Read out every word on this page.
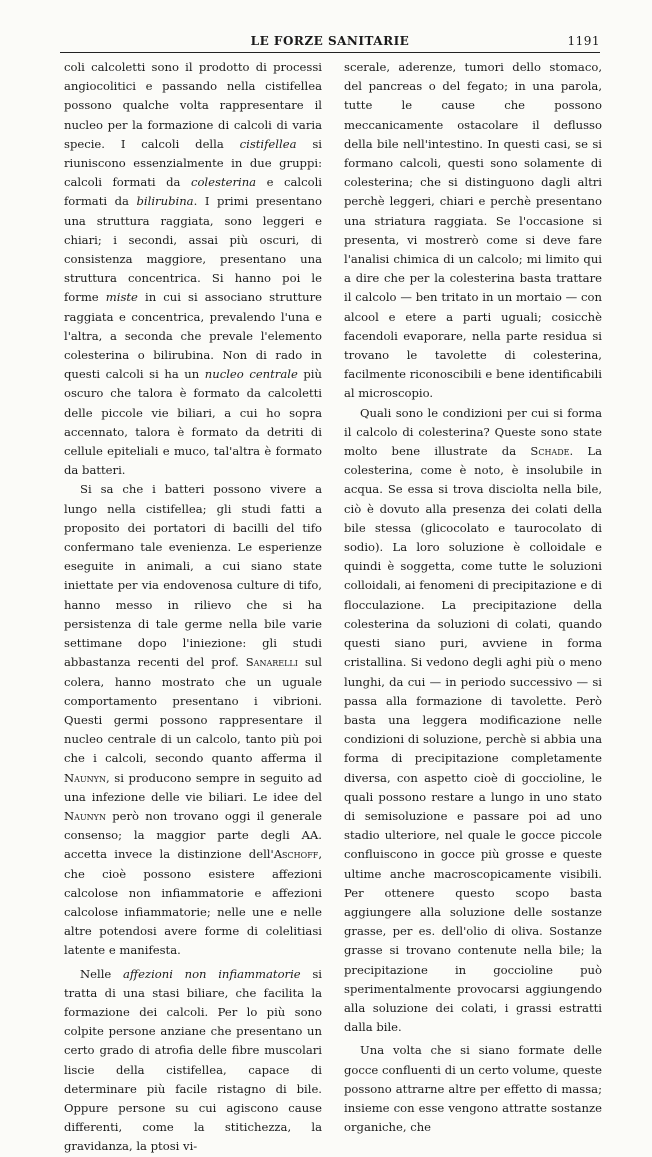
LE FORZE SANITARIE	1191

coli calcoletti sono il prodotto di processi angiocolitici e passando nella cistifellea possono qualche volta rappresentare il nucleo per la formazione di calcoli di varia specie. I calcoli della cistifellea si riuniscono essenzialmente in due gruppi: calcoli formati da colesterina e calcoli formati da bilirubina. I primi presentano una struttura raggiata, sono leggeri e chiari; i secondi, assai più oscuri, di consistenza maggiore, presentano una struttura concentrica. Si hanno poi le forme miste in cui si associano strutture raggiata e concentrica, prevalendo l'una e l'altra, a seconda che prevale l'elemento colesterina o bilirubina. Non di rado in questi calcoli si ha un nucleo centrale più oscuro che talora è formato da calcoletti delle piccole vie biliari, a cui ho sopra accennato, talora è formato da detriti di cellule epiteliali e muco, tal'altra è formato da batteri.

Si sa che i batteri possono vivere a lungo nella cistifellea; gli studi fatti a proposito dei portatori di bacilli del tifo confermano tale evenienza. Le esperienze eseguite in animali, a cui siano state iniettate per via endovenosa culture di tifo, hanno messo in rilievo che si ha persistenza di tale germe nella bile varie settimane dopo l'iniezione: gli studi abbastanza recenti del prof. Sanarelli sul colera, hanno mostrato che un uguale comportamento presentano i vibrioni. Questi germi possono rappresentare il nucleo centrale di un calcolo, tanto più poi che i calcoli, secondo quanto afferma il Naunyn, si producono sempre in seguito ad una infezione delle vie biliari. Le idee del Naunyn però non trovano oggi il generale consenso; la maggior parte degli AA. accetta invece la distinzione dell'Aschoff, che cioè possono esistere affezioni calcolose non infiammatorie e affezioni calcolose infiammatorie; nelle une e nelle altre potendosi avere forme di colelitiasi latente e manifesta.

Nelle affezioni non infiammatorie si tratta di una stasi biliare, che facilita la formazione dei calcoli. Per lo più sono colpite persone anziane che presentano un certo grado di atrofia delle fibre muscolari liscie della cistifellea, capace di determinare più facile ristagno di bile. Oppure persone su cui agiscono cause differenti, come la stitichezza, la gravidanza, la ptosi vi-

scerale, aderenze, tumori dello stomaco, del pancreas o del fegato; in una parola, tutte le cause che possono meccanicamente ostacolare il deflusso della bile nell'intestino. In questi casi, se si formano calcoli, questi sono solamente di colesterina; che si distinguono dagli altri perchè leggeri, chiari e perchè presentano una striatura raggiata. Se l'occasione si presenta, vi mostrerò come si deve fare l'analisi chimica di un calcolo; mi limito qui a dire che per la colesterina basta trattare il calcolo — ben tritato in un mortaio — con alcool e etere a parti uguali; cosicchè facendoli evaporare, nella parte residua si trovano le tavolette di colesterina, facilmente riconoscibili e bene identificabili al microscopio.

Quali sono le condizioni per cui si forma il calcolo di colesterina? Queste sono state molto bene illustrate da Schade. La colesterina, come è noto, è insolubile in acqua. Se essa si trova disciolta nella bile, ciò è dovuto alla presenza dei colati della bile stessa (glicocolato e taurocolato di sodio). La loro soluzione è colloidale e quindi è soggetta, come tutte le soluzioni colloidali, ai fenomeni di precipitazione e di flocculazione. La precipitazione della colesterina da soluzioni di colati, quando questi siano puri, avviene in forma cristallina. Si vedono degli aghi più o meno lunghi, da cui — in periodo successivo — si passa alla formazione di tavolette. Però basta una leggera modificazione nelle condizioni di soluzione, perchè si abbia una forma di precipitazione completamente diversa, con aspetto cioè di goccioline, le quali possono restare a lungo in uno stato di semisoluzione e passare poi ad uno stadio ulteriore, nel quale le gocce piccole confluiscono in gocce più grosse e queste ultime anche macroscopicamente visibili. Per ottenere questo scopo basta aggiungere alla soluzione delle sostanze grasse, per es. dell'olio di oliva. Sostanze grasse si trovano contenute nella bile; la precipitazione in goccioline può sperimentalmente provocarsi aggiungendo alla soluzione dei colati, i grassi estratti dalla bile.

Una volta che si siano formate delle gocce confluenti di un certo volume, queste possono attrarne altre per effetto di massa; insieme con esse vengono attratte sostanze organiche, che
